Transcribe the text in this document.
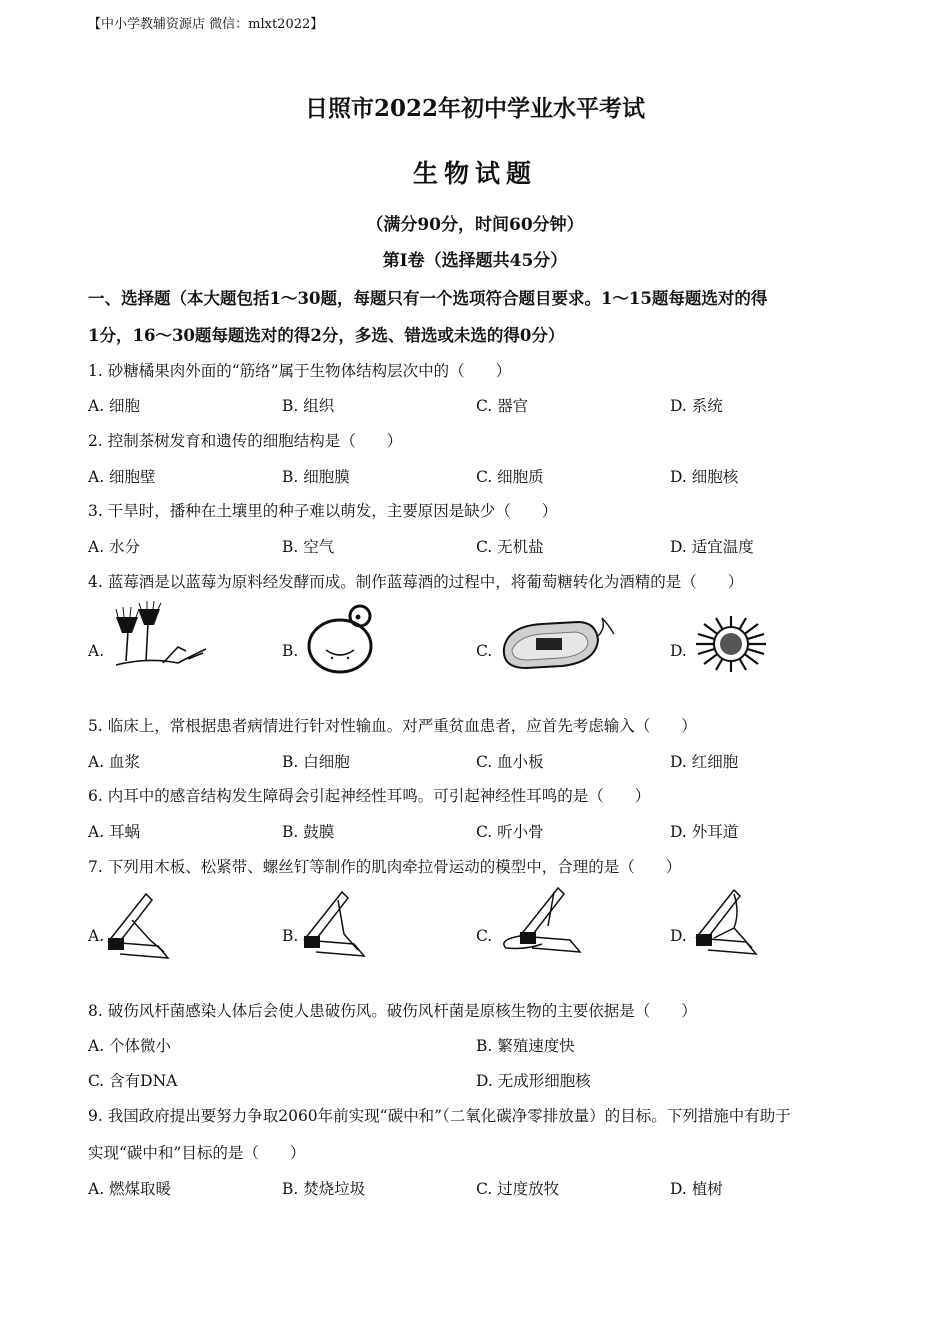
【中小学教辅资源店 微信：mlxt2022】
日照市2022年初中学业水平考试
生物试题
（满分90分，时间60分钟）
第Ⅰ卷（选择题共45分）
一、选择题（本大题包括1～30题，每题只有一个选项符合题目要求。1～15题每题选对的得
1分，16～30题每题选对的得2分，多选、错选或未选的得0分）
1. 砂糖橘果肉外面的“筋络”属于生物体结构层次中的（　　）
A. 细胞	B. 组织	C. 器官	D. 系统
2. 控制茶树发育和遗传的细胞结构是（　　）
A. 细胞壁	B. 细胞膜	C. 细胞质	D. 细胞核
3. 干旱时，播种在土壤里的种子难以萌发，主要原因是缺少（　　）
A. 水分	B. 空气	C. 无机盐	D. 适宜温度
4. 蓝莓酒是以蓝莓为原料经发酵而成。制作蓝莓酒的过程中，将葡萄糖转化为酒精的是（　　）
A.	B.	C.	D.
5. 临床上，常根据患者病情进行针对性输血。对严重贫血患者，应首先考虑输入（　　）
A. 血浆	B. 白细胞	C. 血小板	D. 红细胞
6. 内耳中的感音结构发生障碍会引起神经性耳鸣。可引起神经性耳鸣的是（　　）
A. 耳蜗	B. 鼓膜	C. 听小骨	D. 外耳道
7. 下列用木板、松紧带、螺丝钉等制作的肌肉牵拉骨运动的模型中，合理的是（　　）
A.	B.	C.	D.
8. 破伤风杆菌感染人体后会使人患破伤风。破伤风杆菌是原核生物的主要依据是（　　）
A. 个体微小	B. 繁殖速度快
C. 含有DNA	D. 无成形细胞核
9. 我国政府提出要努力争取2060年前实现“碳中和”（二氧化碳净零排放量）的目标。下列措施中有助于
实现“碳中和”目标的是（　　）
A. 燃煤取暖	B. 焚烧垃圾	C. 过度放牧	D. 植树
